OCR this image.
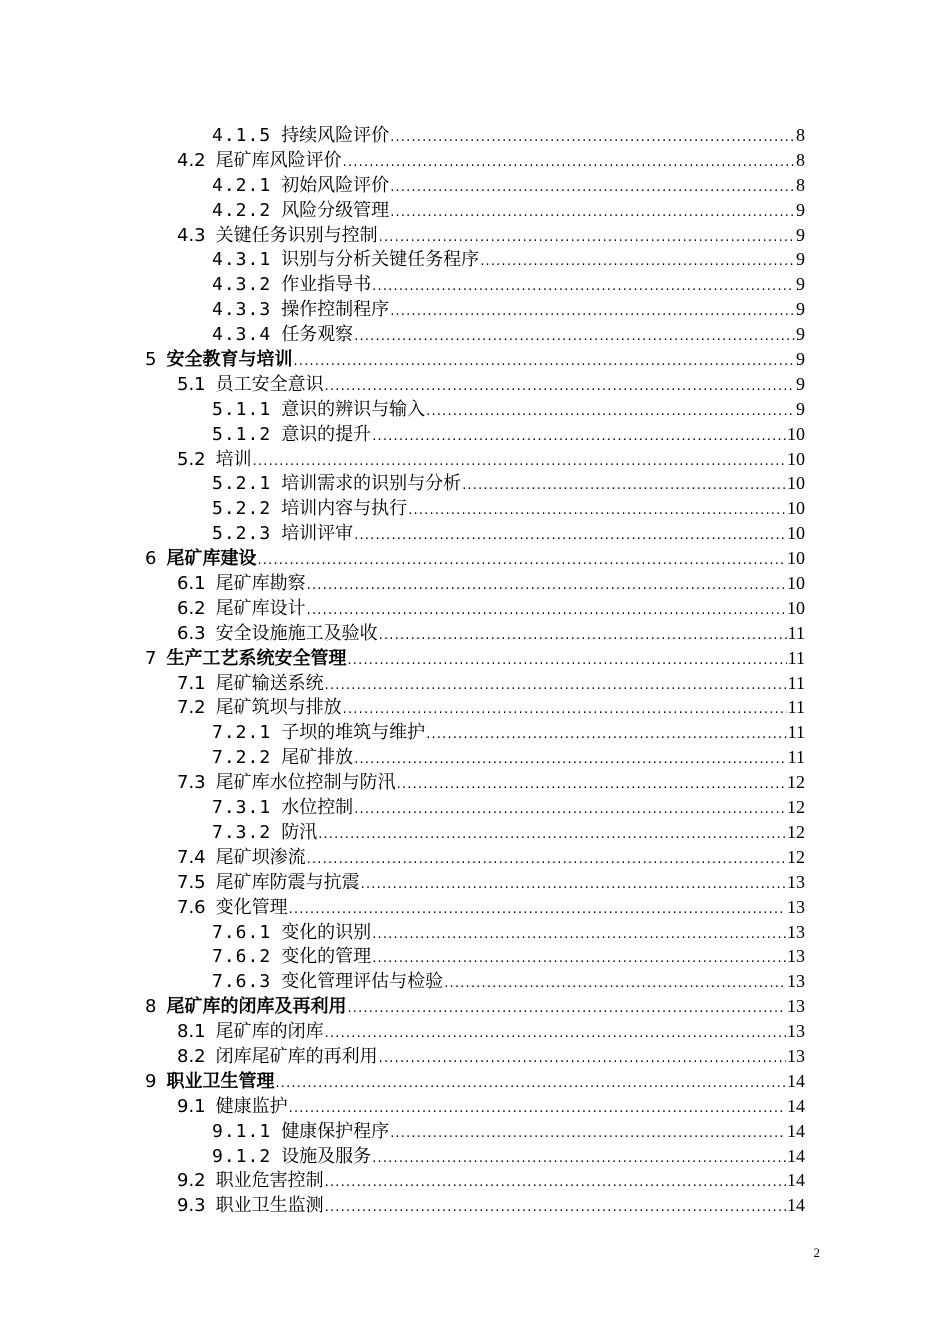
4.1.5 持续风险评价 .....	8
4.2 尾矿库风险评价 .....	8
4.2.1 初始风险评价 .....	8
4.2.2 风险分级管理 .....	9
4.3 关键任务识别与控制 .....	9
4.3.1 识别与分析关键任务程序 .....	9
4.3.2 作业指导书 .....	9
4.3.3 操作控制程序 .....	9
4.3.4 任务观察 .....	9
5 安全教育与培训 .....	9
5.1 员工安全意识 .....	9
5.1.1 意识的辨识与输入 .....	9
5.1.2 意识的提升 .....	10
5.2 培训 .....	10
5.2.1 培训需求的识别与分析 .....	10
5.2.2 培训内容与执行 .....	10
5.2.3 培训评审 .....	10
6 尾矿库建设 .....	10
6.1 尾矿库勘察 .....	10
6.2 尾矿库设计 .....	10
6.3 安全设施施工及验收 .....	11
7 生产工艺系统安全管理 .....	11
7.1 尾矿输送系统 .....	11
7.2 尾矿筑坝与排放 .....	11
7.2.1 子坝的堆筑与维护 .....	11
7.2.2 尾矿排放 .....	11
7.3 尾矿库水位控制与防汛 .....	12
7.3.1 水位控制 .....	12
7.3.2 防汛 .....	12
7.4 尾矿坝渗流 .....	12
7.5 尾矿库防震与抗震 .....	13
7.6 变化管理 .....	13
7.6.1 变化的识别 .....	13
7.6.2 变化的管理 .....	13
7.6.3 变化管理评估与检验 .....	13
8 尾矿库的闭库及再利用 .....	13
8.1 尾矿库的闭库 .....	13
8.2 闭库尾矿库的再利用 .....	13
9 职业卫生管理 .....	14
9.1 健康监护 .....	14
9.1.1 健康保护程序 .....	14
9.1.2 设施及服务 .....	14
9.2 职业危害控制 .....	14
9.3 职业卫生监测 .....	14
2
